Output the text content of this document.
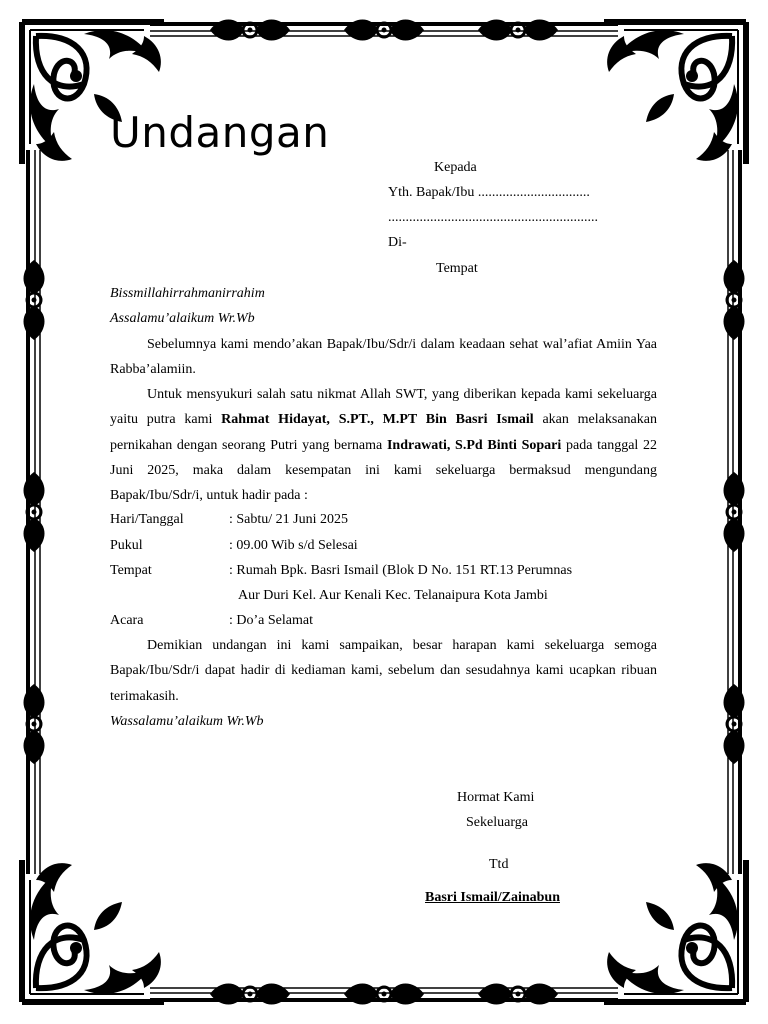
Undangan
Kepada
Yth. Bapak/Ibu ................................
............................................................
Di-
Tempat
Bissmillahirrahmanirrahim
Assalamu’alaikum Wr.Wb
Sebelumnya kami mendo’akan Bapak/Ibu/Sdr/i dalam keadaan sehat wal’afiat Amiin Yaa Rabba’alamiin.
Untuk mensyukuri salah satu nikmat Allah SWT, yang diberikan kepada kami sekeluarga yaitu putra kami Rahmat Hidayat, S.PT., M.PT Bin Basri Ismail akan melaksanakan pernikahan dengan seorang Putri yang bernama Indrawati, S.Pd Binti Sopari pada tanggal 22 Juni 2025, maka dalam kesempatan ini kami sekeluarga bermaksud mengundang Bapak/Ibu/Sdr/i, untuk hadir pada :
Hari/Tanggal	: Sabtu/ 21 Juni 2025
Pukul	: 09.00 Wib s/d Selesai
Tempat	: Rumah Bpk. Basri Ismail (Blok D No. 151 RT.13 Perumnas
Aur Duri Kel. Aur Kenali Kec. Telanaipura Kota Jambi
Acara	: Do’a Selamat
Demikian undangan ini kami sampaikan, besar harapan kami sekeluarga semoga Bapak/Ibu/Sdr/i dapat hadir di kediaman kami, sebelum dan sesudahnya kami ucapkan ribuan terimakasih.
Wassalamu’alaikum Wr.Wb
Hormat Kami
Sekeluarga
Ttd
Basri Ismail/Zainabun
